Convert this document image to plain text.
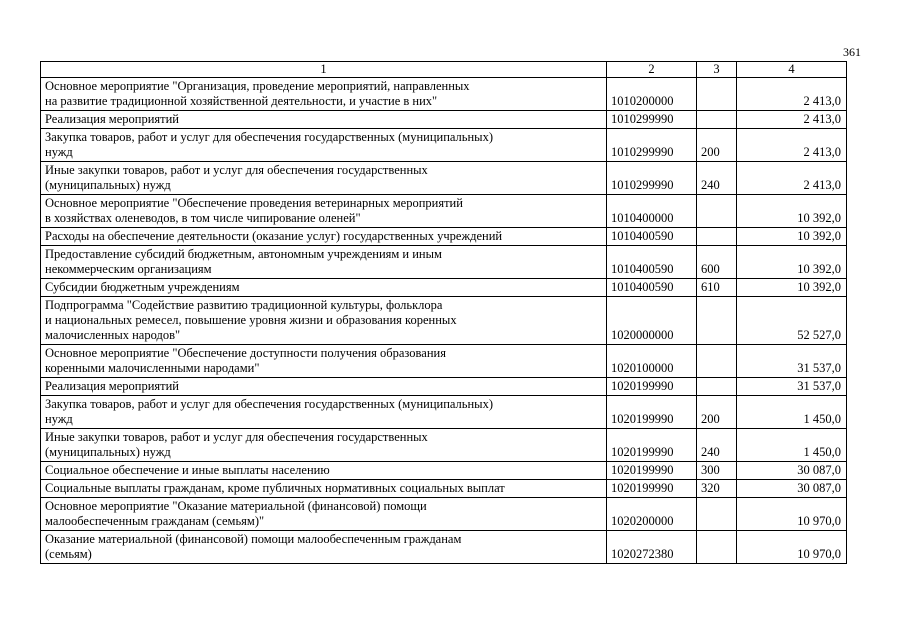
361
1	2	3	4
Основное мероприятие "Организация, проведение мероприятий, направленных
на развитие традиционной хозяйственной деятельности, и участие в них"	1010200000		2 413,0
Реализация мероприятий	1010299990		2 413,0
Закупка товаров, работ и услуг для обеспечения государственных (муниципальных)
нужд	1010299990	200	2 413,0
Иные закупки товаров, работ и услуг для обеспечения государственных
(муниципальных) нужд	1010299990	240	2 413,0
Основное мероприятие "Обеспечение проведения ветеринарных мероприятий
в хозяйствах оленеводов, в том числе чипирование оленей"	1010400000		10 392,0
Расходы на обеспечение деятельности (оказание услуг) государственных учреждений	1010400590		10 392,0
Предоставление субсидий бюджетным, автономным учреждениям и иным
некоммерческим организациям	1010400590	600	10 392,0
Субсидии бюджетным учреждениям	1010400590	610	10 392,0
Подпрограмма "Содействие развитию традиционной культуры, фольклора
и национальных ремесел, повышение уровня жизни и образования коренных
малочисленных народов"	1020000000		52 527,0
Основное мероприятие "Обеспечение доступности получения образования
коренными малочисленными народами"	1020100000		31 537,0
Реализация мероприятий	1020199990		31 537,0
Закупка товаров, работ и услуг для обеспечения государственных (муниципальных)
нужд	1020199990	200	1 450,0
Иные закупки товаров, работ и услуг для обеспечения государственных
(муниципальных) нужд	1020199990	240	1 450,0
Социальное обеспечение и иные выплаты населению	1020199990	300	30 087,0
Социальные выплаты гражданам, кроме публичных нормативных социальных выплат	1020199990	320	30 087,0
Основное мероприятие "Оказание материальной (финансовой) помощи
малообеспеченным гражданам (семьям)"	1020200000		10 970,0
Оказание материальной (финансовой) помощи малообеспеченным гражданам
(семьям)	1020272380		10 970,0
